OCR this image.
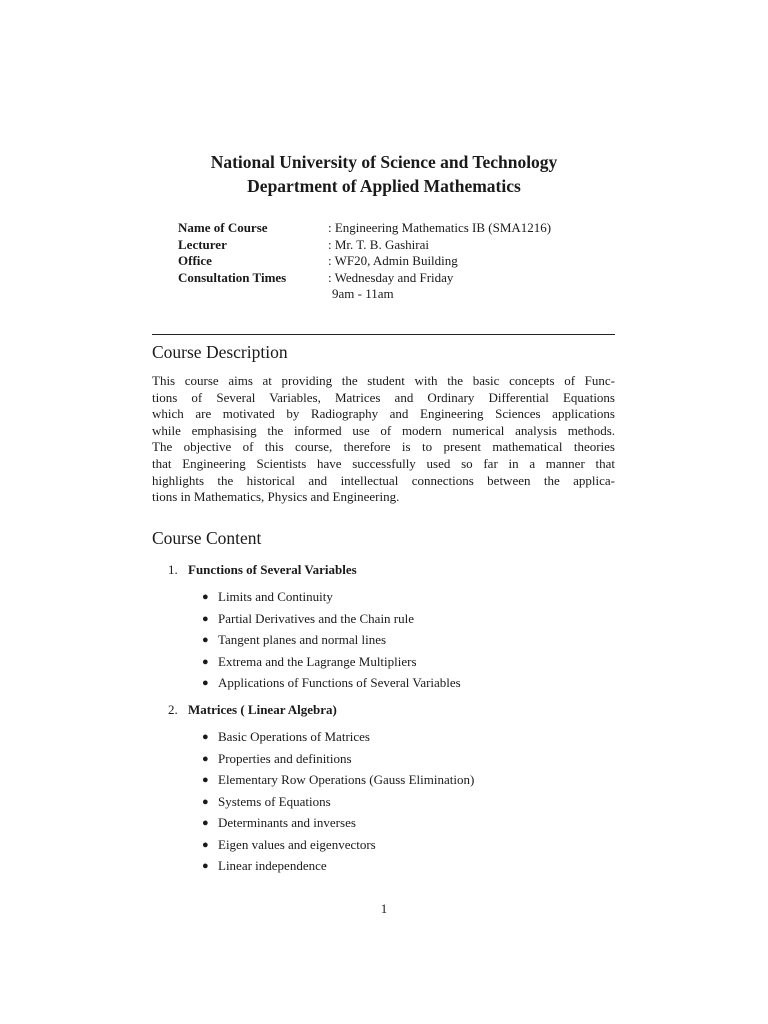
National University of Science and Technology
Department of Applied Mathematics
Name of Course	: Engineering Mathematics IB (SMA1216)
Lecturer	: Mr. T. B. Gashirai
Office	: WF20, Admin Building
Consultation Times	: Wednesday and Friday
9am - 11am
Course Description
This course aims at providing the student with the basic concepts of Func-
tions of Several Variables, Matrices and Ordinary Differential Equations
which are motivated by Radiography and Engineering Sciences applications
while emphasising the informed use of modern numerical analysis methods.
The objective of this course, therefore is to present mathematical theories
that Engineering Scientists have successfully used so far in a manner that
highlights the historical and intellectual connections between the applica-
tions in Mathematics, Physics and Engineering.
Course Content
1. Functions of Several Variables
● Limits and Continuity
● Partial Derivatives and the Chain rule
● Tangent planes and normal lines
● Extrema and the Lagrange Multipliers
● Applications of Functions of Several Variables
2. Matrices ( Linear Algebra)
● Basic Operations of Matrices
● Properties and definitions
● Elementary Row Operations (Gauss Elimination)
● Systems of Equations
● Determinants and inverses
● Eigen values and eigenvectors
● Linear independence
1
